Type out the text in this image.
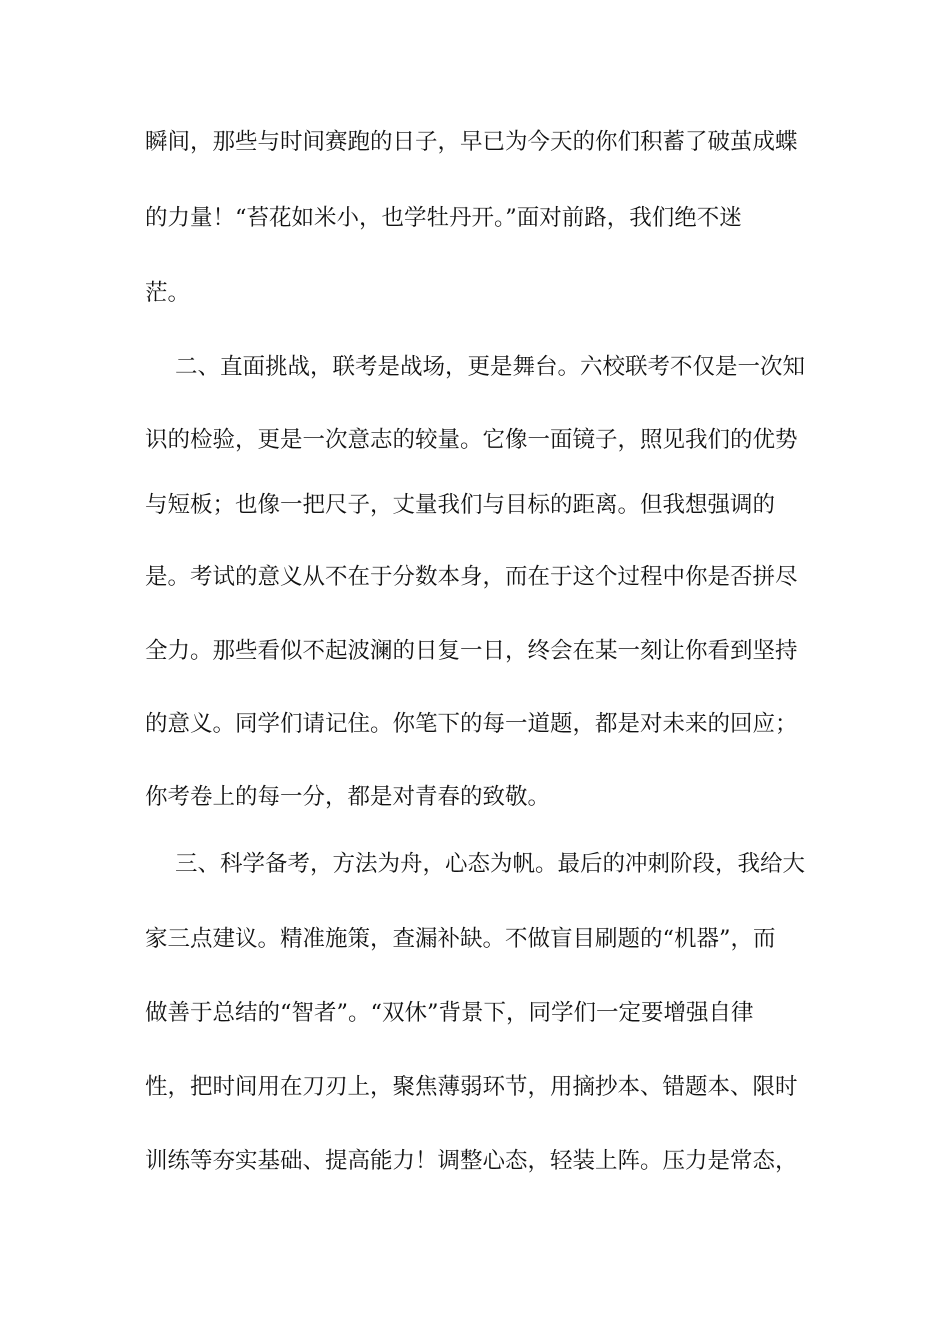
瞬间，那些与时间赛跑的日子，早已为今天的你们积蓄了破茧成蝶
的力量！“苔花如米小，也学牡丹开。”面对前路，我们绝不迷
茫。
二、直面挑战，联考是战场，更是舞台。六校联考不仅是一次知
识的检验，更是一次意志的较量。它像一面镜子，照见我们的优势
与短板；也像一把尺子，丈量我们与目标的距离。但我想强调的
是。考试的意义从不在于分数本身，而在于这个过程中你是否拼尽
全力。那些看似不起波澜的日复一日，终会在某一刻让你看到坚持
的意义。同学们请记住。你笔下的每一道题，都是对未来的回应；
你考卷上的每一分，都是对青春的致敬。
三、科学备考，方法为舟，心态为帆。最后的冲刺阶段，我给大
家三点建议。精准施策，查漏补缺。不做盲目刷题的“机器”，而
做善于总结的“智者”。“双休”背景下，同学们一定要增强自律
性，把时间用在刀刃上，聚焦薄弱环节，用摘抄本、错题本、限时
训练等夯实基础、提高能力！调整心态，轻装上阵。压力是常态，
